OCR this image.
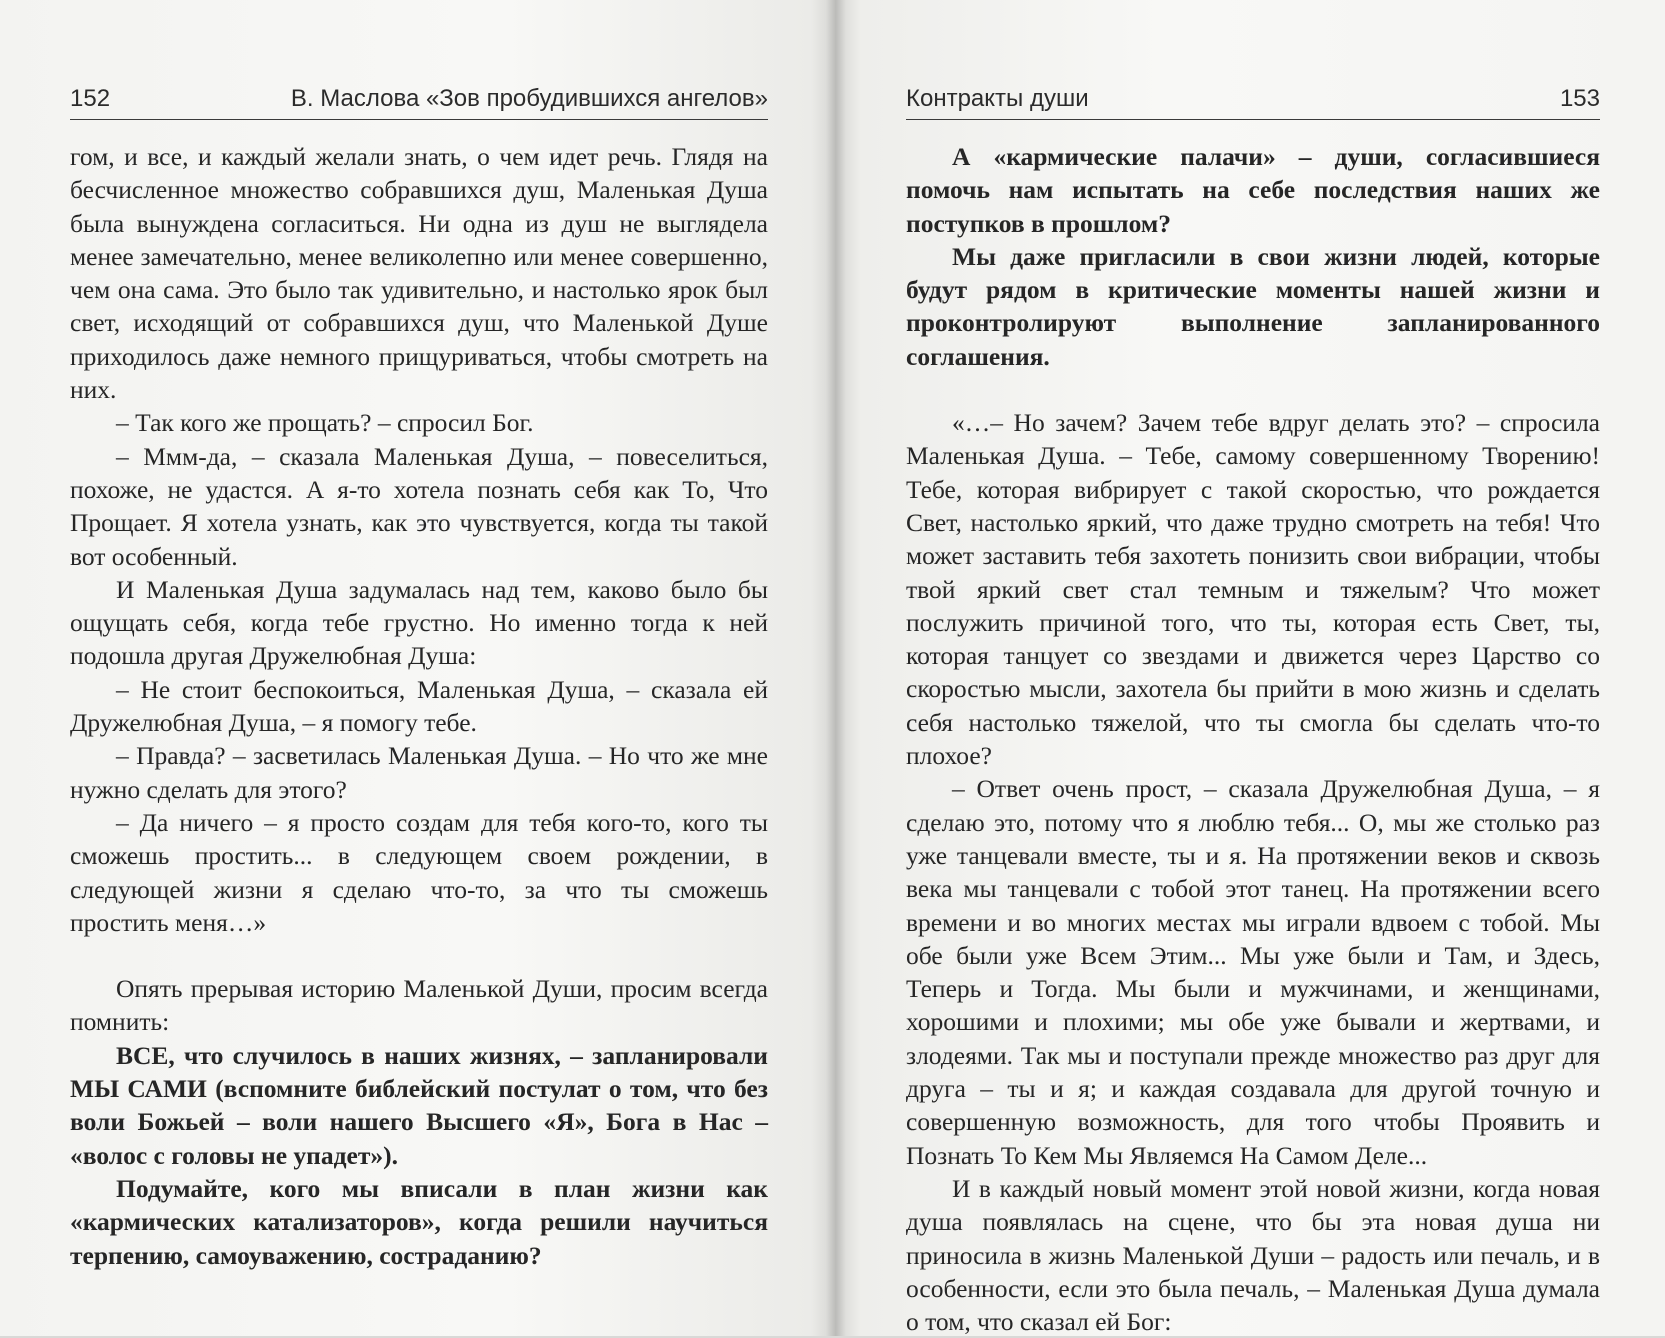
152	В. Маслова «Зов пробудившихся ангелов»

гом, и все, и каждый желали знать, о чем идет речь. Глядя на бесчисленное множество собравшихся душ, Маленькая Душа была вынуждена согласиться. Ни одна из душ не выглядела менее замечательно, менее великолепно или менее совершенно, чем она сама. Это было так удивительно, и настолько ярок был свет, исходящий от собравшихся душ, что Маленькой Душе приходилось даже немного прищуриваться, чтобы смотреть на них.

– Так кого же прощать? – спросил Бог.

– Ммм-да, – сказала Маленькая Душа, – повеселиться, похоже, не удастся. А я-то хотела познать себя как То, Что Прощает. Я хотела узнать, как это чувствуется, когда ты такой вот особенный.

И Маленькая Душа задумалась над тем, каково было бы ощущать себя, когда тебе грустно. Но именно тогда к ней подошла другая Дружелюбная Душа:

– Не стоит беспокоиться, Маленькая Душа, – сказала ей Дружелюбная Душа, – я помогу тебе.

– Правда? – засветилась Маленькая Душа. – Но что же мне нужно сделать для этого?

– Да ничего – я просто создам для тебя кого-то, кого ты сможешь простить... в следующем своем рождении, в следующей жизни я сделаю что-то, за что ты сможешь простить меня…»

Опять прерывая историю Маленькой Души, просим всегда помнить:

ВСЕ, что случилось в наших жизнях, – запланировали МЫ САМИ (вспомните библейский постулат о том, что без воли Божьей – воли нашего Высшего «Я», Бога в Нас – «волос с головы не упадет»).

Подумайте, кого мы вписали в план жизни как «кармических катализаторов», когда решили научиться терпению, самоуважению, состраданию?

Контракты души	153

А «кармические палачи» – души, согласившиеся помочь нам испытать на себе последствия наших же поступков в прошлом?

Мы даже пригласили в свои жизни людей, которые будут рядом в критические моменты нашей жизни и проконтролируют выполнение запланированного соглашения.

«…– Но зачем? Зачем тебе вдруг делать это? – спросила Маленькая Душа. – Тебе, самому совершенному Творению! Тебе, которая вибрирует с такой скоростью, что рождается Свет, настолько яркий, что даже трудно смотреть на тебя! Что может заставить тебя захотеть понизить свои вибрации, чтобы твой яркий свет стал темным и тяжелым? Что может послужить причиной того, что ты, которая есть Свет, ты, которая танцует со звездами и движется через Царство со скоростью мысли, захотела бы прийти в мою жизнь и сделать себя настолько тяжелой, что ты смогла бы сделать что-то плохое?

– Ответ очень прост, – сказала Дружелюбная Душа, – я сделаю это, потому что я люблю тебя... О, мы же столько раз уже танцевали вместе, ты и я. На протяжении веков и сквозь века мы танцевали с тобой этот танец. На протяжении всего времени и во многих местах мы играли вдвоем с тобой. Мы обе были уже Всем Этим... Мы уже были и Там, и Здесь, Теперь и Тогда. Мы были и мужчинами, и женщинами, хорошими и плохими; мы обе уже бывали и жертвами, и злодеями. Так мы и поступали прежде множество раз друг для друга – ты и я; и каждая создавала для другой точную и совершенную возможность, для того чтобы Проявить и Познать То Кем Мы Являемся На Самом Деле...

И в каждый новый момент этой новой жизни, когда новая душа появлялась на сцене, что бы эта новая душа ни приносила в жизнь Маленькой Души – радость или печаль, и в особенности, если это была печаль, – Маленькая Душа думала о том, что сказал ей Бог:
